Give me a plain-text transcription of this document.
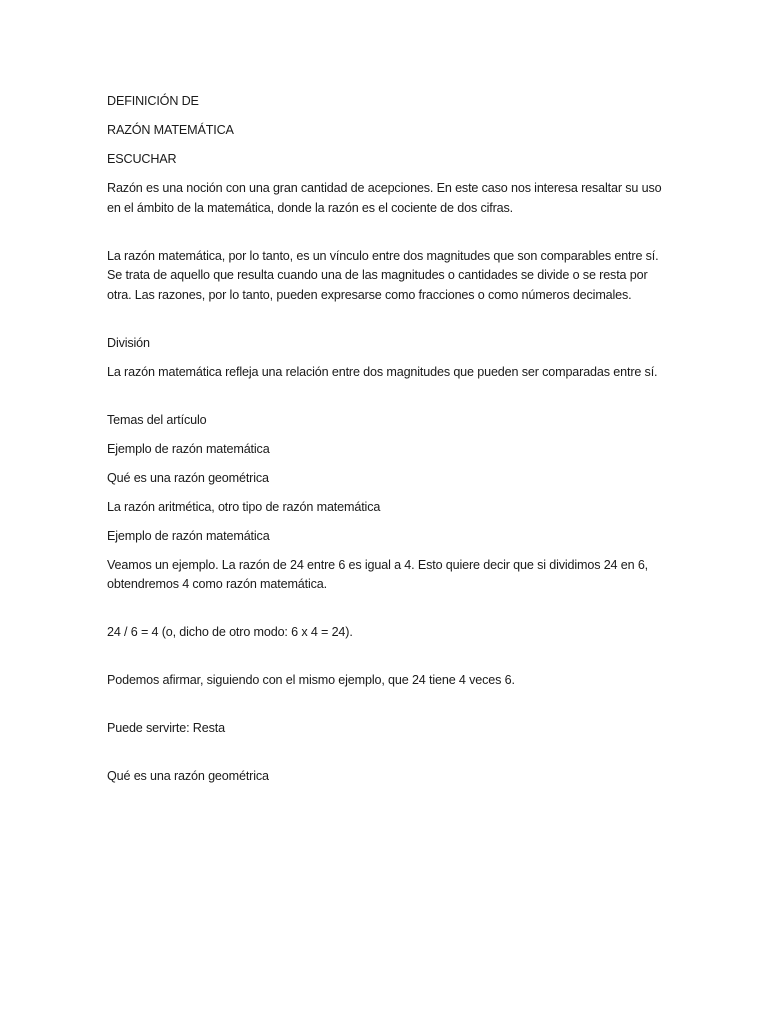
DEFINICIÓN DE

RAZÓN MATEMÁTICA

ESCUCHAR

Razón es una noción con una gran cantidad de acepciones. En este caso nos interesa resaltar su uso en el ámbito de la matemática, donde la razón es el cociente de dos cifras.

La razón matemática, por lo tanto, es un vínculo entre dos magnitudes que son comparables entre sí. Se trata de aquello que resulta cuando una de las magnitudes o cantidades se divide o se resta por otra. Las razones, por lo tanto, pueden expresarse como fracciones o como números decimales.

División

La razón matemática refleja una relación entre dos magnitudes que pueden ser comparadas entre sí.

Temas del artículo

Ejemplo de razón matemática

Qué es una razón geométrica

La razón aritmética, otro tipo de razón matemática

Ejemplo de razón matemática

Veamos un ejemplo. La razón de 24 entre 6 es igual a 4. Esto quiere decir que si dividimos 24 en 6, obtendremos 4 como razón matemática.

24 / 6 = 4 (o, dicho de otro modo: 6 x 4 = 24).

Podemos afirmar, siguiendo con el mismo ejemplo, que 24 tiene 4 veces 6.

Puede servirte: Resta

Qué es una razón geométrica
